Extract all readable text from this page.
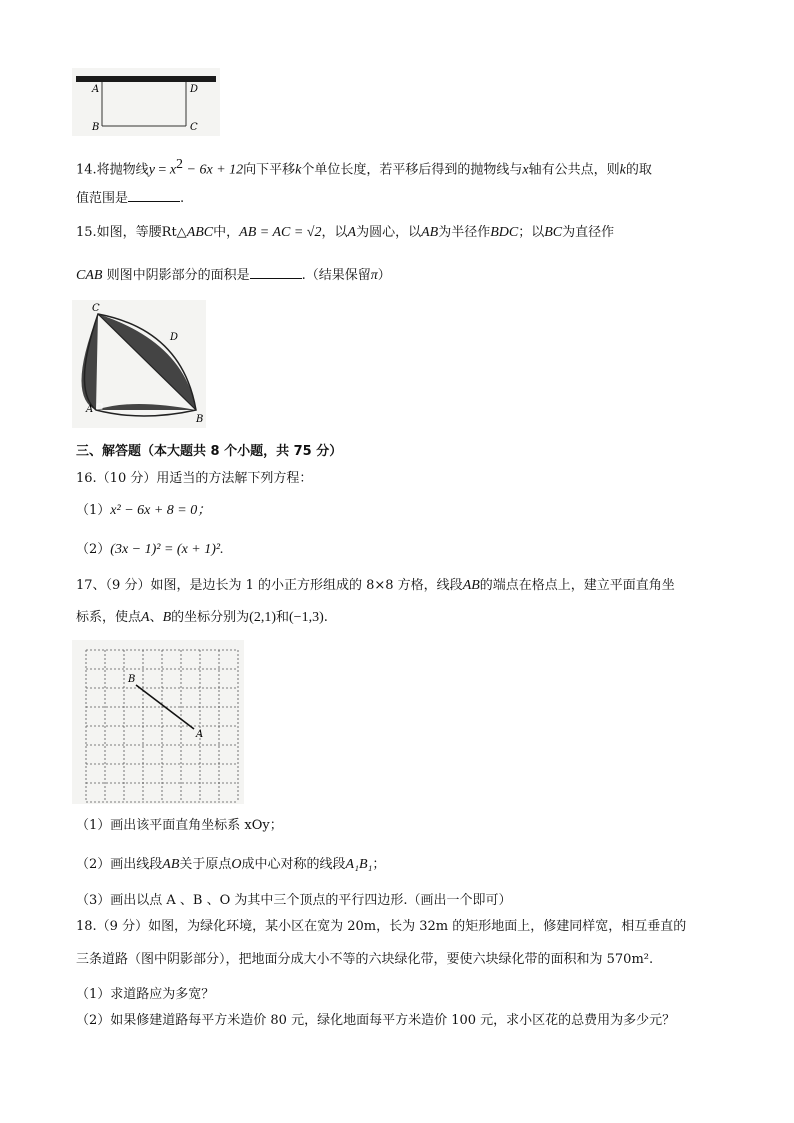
A	D
B	C
14.将抛物线$y = x^2 - 6x + 12$向下平移k个单位长度，若平移后得到的抛物线与x轴有公共点，则k的取
值范围是	.
15.如图，等腰Rt△ABC中，AB = AC = √2，以A为圆心，以AB为半径作BDC；以BC为直径作
CAB 则图中阴影部分的面积是	.（结果保留π）
C
D
A
B
三、解答题（本大题共 8 个小题，共 75 分）
16.（10 分）用适当的方法解下列方程：
（1）x² − 6x + 8 = 0；
（2）(3x − 1)² = (x + 1)².
17、（9 分）如图，是边长为 1 的小正方形组成的 8×8 方格，线段AB的端点在格点上，建立平面直角坐
标系，使点A、B的坐标分别为(2,1)和(−1,3).
B
A
（1）画出该平面直角坐标系 xOy；
（2）画出线段AB关于原点O成中心对称的线段A₁B₁；
（3）画出以点 A 、B 、O 为其中三个顶点的平行四边形.（画出一个即可）
18.（9 分）如图，为绿化环境，某小区在宽为 20m，长为 32m 的矩形地面上，修建同样宽，相互垂直的
三条道路（图中阴影部分），把地面分成大小不等的六块绿化带，要使六块绿化带的面积和为 570m².
（1）求道路应为多宽？
（2）如果修建道路每平方米造价 80 元，绿化地面每平方米造价 100 元，求小区花的总费用为多少元？
